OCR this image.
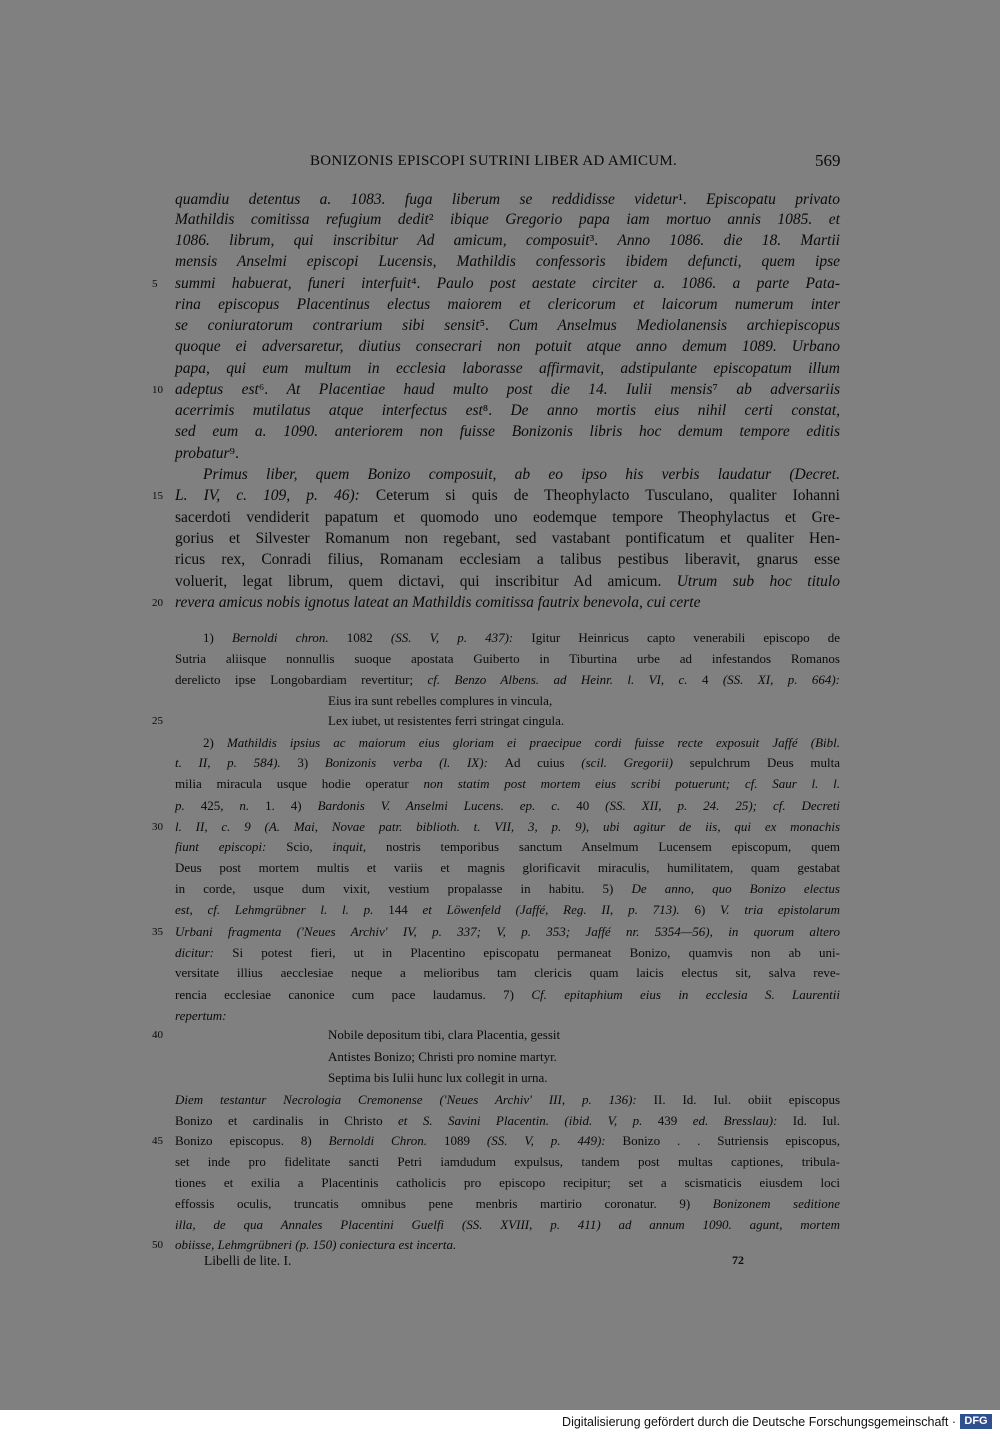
BONIZONIS EPISCOPI SUTRINI LIBER AD AMICUM.	569
quamdiu detentus a. 1083. fuga liberum se reddidisse videtur¹. Episcopatu privato
Mathildis comitissa refugium dedit² ibique Gregorio papa iam mortuo annis 1085. et
1086. librum, qui inscribitur Ad amicum, composuit³. Anno 1086. die 18. Martii
mensis Anselmi episcopi Lucensis, Mathildis confessoris ibidem defuncti, quem ipse
summi habuerat, funeri interfuit⁴. Paulo post aestate circiter a. 1086. a parte Pata-
rina episcopus Placentinus electus maiorem et clericorum et laicorum numerum inter
se coniuratorum contrarium sibi sensit⁵. Cum Anselmus Mediolanensis archiepiscopus
quoque ei adversaretur, diutius consecrari non potuit atque anno demum 1089. Urbano
papa, qui eum multum in ecclesia laborasse affirmavit, adstipulante episcopatum illum
adeptus est⁶. At Placentiae haud multo post die 14. Iulii mensis⁷ ab adversariis
acerrimis mutilatus atque interfectus est⁸. De anno mortis eius nihil certi constat,
sed eum a. 1090. anteriorem non fuisse Bonizonis libris hoc demum tempore editis
probatur⁹.
Primus liber, quem Bonizo composuit, ab eo ipso his verbis laudatur (Decret.
L. IV, c. 109, p. 46): Ceterum si quis de Theophylacto Tusculano, qualiter Iohanni
sacerdoti vendiderit papatum et quomodo uno eodemque tempore Theophylactus et Gre-
gorius et Silvester Romanum non regebant, sed vastabant pontificatum et qualiter Hen-
ricus rex, Conradi filius, Romanam ecclesiam a talibus pestibus liberavit, gnarus esse
voluerit, legat librum, quem dictavi, qui inscribitur Ad amicum. Utrum sub hoc titulo
revera amicus nobis ignotus lateat an Mathildis comitissa fautrix benevola, cui certe
1) Bernoldi chron. 1082 (SS. V, p. 437): Igitur Heinricus capto venerabili episcopo de
Sutria aliisque nonnullis suoque apostata Guiberto in Tiburtina urbe ad infestandos Romanos
derelicto ipse Longobardiam revertitur; cf. Benzo Albens. ad Heinr. l. VI, c. 4 (SS. XI, p. 664):
Eius ira sunt rebelles complures in vincula,
Lex iubet, ut resistentes ferri stringat cingula.
2) Mathildis ipsius ac maiorum eius gloriam ei praecipue cordi fuisse recte exposuit Jaffé (Bibl.
t. II, p. 584). 3) Bonizonis verba (l. IX): Ad cuius (scil. Gregorii) sepulchrum Deus multa
milia miracula usque hodie operatur non statim post mortem eius scribi potuerunt; cf. Saur l. l.
p. 425, n. 1. 4) Bardonis V. Anselmi Lucens. ep. c. 40 (SS. XII, p. 24. 25); cf. Decreti
l. II, c. 9 (A. Mai, Novae patr. biblioth. t. VII, 3, p. 9), ubi agitur de iis, qui ex monachis
fiunt episcopi: Scio, inquit, nostris temporibus sanctum Anselmum Lucensem episcopum, quem
Deus post mortem multis et variis et magnis glorificavit miraculis, humilitatem, quam gestabat
in corde, usque dum vixit, vestium propalasse in habitu. 5) De anno, quo Bonizo electus
est, cf. Lehmgrübner l. l. p. 144 et Löwenfeld (Jaffé, Reg. II, p. 713). 6) V. tria epistolarum
Urbani fragmenta ('Neues Archiv' IV, p. 337; V, p. 353; Jaffé nr. 5354—56), in quorum altero
dicitur: Si potest fieri, ut in Placentino episcopatu permaneat Bonizo, quamvis non ab uni-
versitate illius aecclesiae neque a melioribus tam clericis quam laicis electus sit, salva reve-
rencia ecclesiae canonice cum pace laudamus. 7) Cf. epitaphium eius in ecclesia S. Laurentii
repertum:
Nobile depositum tibi, clara Placentia, gessit
Antistes Bonizo; Christi pro nomine martyr.
Septima bis Iulii hunc lux collegit in urna.
Diem testantur Necrologia Cremonense ('Neues Archiv' III, p. 136): II. Id. Iul. obiit episcopus
Bonizo et cardinalis in Christo et S. Savini Placentin. (ibid. V, p. 439 ed. Bresslau): Id. Iul.
Bonizo episcopus. 8) Bernoldi Chron. 1089 (SS. V, p. 449): Bonizo . . Sutriensis episcopus,
set inde pro fidelitate sancti Petri iamdudum expulsus, tandem post multas captiones, tribula-
tiones et exilia a Placentinis catholicis pro episcopo recipitur; set a scismaticis eiusdem loci
effossis oculis, truncatis omnibus pene menbris martirio coronatur. 9) Bonizonem seditione
illa, de qua Annales Placentini Guelfi (SS. XVIII, p. 411) ad annum 1090. agunt, mortem
obiisse, Lehmgrübneri (p. 150) coniectura est incerta.
5
10
15
20
25
30
35
40
45
50
Libelli de lite. I.	72
Digitalisierung gefördert durch die Deutsche Forschungsgemeinschaft · DFG
